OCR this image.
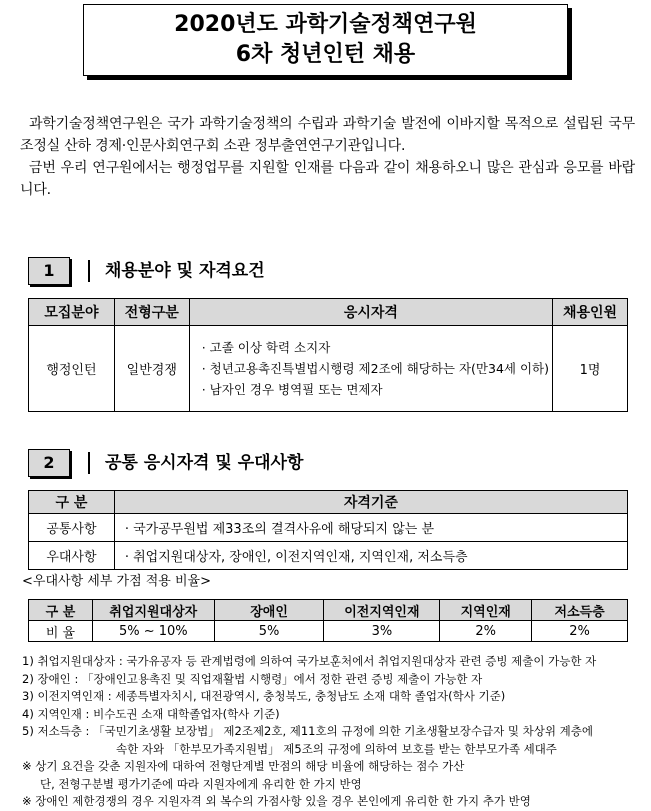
2020년도 과학기술정책연구원
6차 청년인턴 채용

과학기술정책연구원은 국가 과학기술정책의 수립과 과학기술 발전에 이바지할 목적으로 설립된 국무조정실 산하 경제·인문사회연구회 소관 정부출연연구기관입니다.

금번 우리 연구원에서는 행정업무를 지원할 인재를 다음과 같이 채용하오니 많은 관심과 응모를 바랍니다.

1	채용분야 및 자격요건
모집분야	전형구분	응시자격	채용인원
행정인턴	일반경쟁	· 고졸 이상 학력 소지자
· 청년고용촉진특별법시행령 제2조에 해당하는 자(만34세 이하)
· 남자인 경우 병역필 또는 면제자	1명
2	공통 응시자격 및 우대사항
구 분	자격기준
공통사항	· 국가공무원법 제33조의 결격사유에 해당되지 않는 분
우대사항	· 취업지원대상자, 장애인, 이전지역인재, 지역인재, 저소득층
<우대사항 세부 가점 적용 비율>
구 분	취업지원대상자	장애인	이전지역인재	지역인재	저소득층
비 율	5% ~ 10%	5%	3%	2%	2%
1) 취업지원대상자 : 국가유공자 등 관계법령에 의하여 국가보훈처에서 취업지원대상자 관련 증빙 제출이 가능한 자
2) 장애인 : 「장애인고용촉진 및 직업재활법 시행령」에서 정한 관련 증빙 제출이 가능한 자
3) 이전지역인재 : 세종특별자치시, 대전광역시, 충청북도, 충청남도 소재 대학 졸업자(학사 기준)
4) 지역인재 : 비수도권 소재 대학졸업자(학사 기준)
5) 저소득층 : 「국민기초생활 보장법」 제2조제2호, 제11호의 규정에 의한 기초생활보장수급자 및 차상위 계층에
속한 자와 「한부모가족지원법」 제5조의 규정에 의하여 보호를 받는 한부모가족 세대주
※ 상기 요건을 갖춘 지원자에 대하여 전형단계별 만점의 해당 비율에 해당하는 점수 가산
단, 전형구분별 평가기준에 따라 지원자에게 유리한 한 가지 반영
※ 장애인 제한경쟁의 경우 지원자격 외 복수의 가점사항 있을 경우 본인에게 유리한 한 가지 추가 반영
